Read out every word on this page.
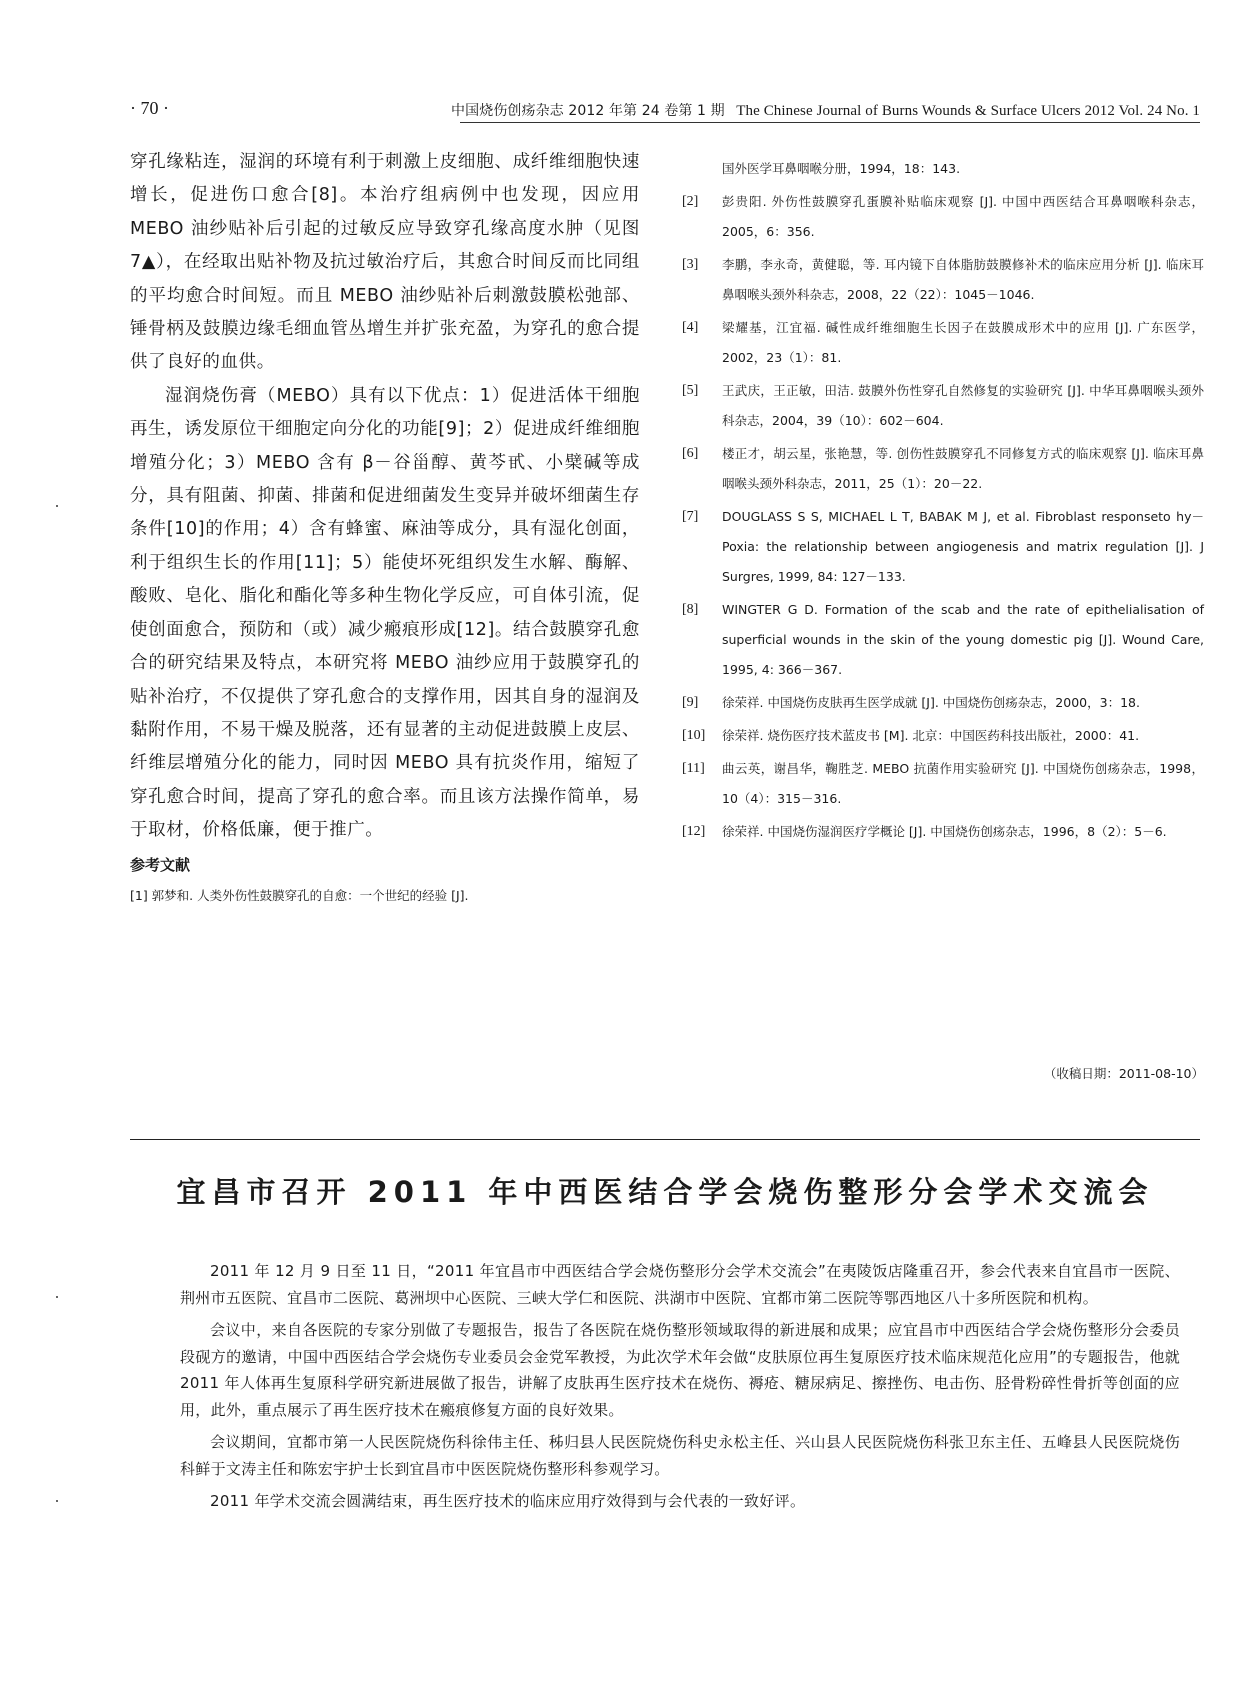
· 70 ·	中国烧伤创疡杂志 2012 年第 24 卷第 1 期 The Chinese Journal of Burns Wounds & Surface Ulcers 2012 Vol. 24 No. 1

穿孔缘粘连，湿润的环境有利于刺激上皮细胞、成纤维细胞快速增长，促进伤口愈合[8]。本治疗组病例中也发现，因应用 MEBO 油纱贴补后引起的过敏反应导致穿孔缘高度水肿（见图 7▲），在经取出贴补物及抗过敏治疗后，其愈合时间反而比同组的平均愈合时间短。而且 MEBO 油纱贴补后刺激鼓膜松弛部、锤骨柄及鼓膜边缘毛细血管丛增生并扩张充盈，为穿孔的愈合提供了良好的血供。

湿润烧伤膏（MEBO）具有以下优点：1）促进活体干细胞再生，诱发原位干细胞定向分化的功能[9]；2）促进成纤维细胞增殖分化；3）MEBO 含有 β－谷甾醇、黄芩甙、小檗碱等成分，具有阻菌、抑菌、排菌和促进细菌发生变异并破坏细菌生存条件[10]的作用；4）含有蜂蜜、麻油等成分，具有湿化创面，利于组织生长的作用[11]；5）能使坏死组织发生水解、酶解、酸败、皂化、脂化和酯化等多种生物化学反应，可自体引流，促使创面愈合，预防和（或）减少瘢痕形成[12]。结合鼓膜穿孔愈合的研究结果及特点，本研究将 MEBO 油纱应用于鼓膜穿孔的贴补治疗，不仅提供了穿孔愈合的支撑作用，因其自身的湿润及黏附作用，不易干燥及脱落，还有显著的主动促进鼓膜上皮层、纤维层增殖分化的能力，同时因 MEBO 具有抗炎作用，缩短了穿孔愈合时间，提高了穿孔的愈合率。而且该方法操作简单，易于取材，价格低廉，便于推广。

参考文献
[1] 郭梦和. 人类外伤性鼓膜穿孔的自愈：一个世纪的经验 [J].
国外医学耳鼻咽喉分册，1994，18：143.
[2]	彭贵阳. 外伤性鼓膜穿孔蛋膜补贴临床观察 [J]. 中国中西医结合耳鼻咽喉科杂志，2005，6：356.
[3]	李鹏，李永奇，黄健聪，等. 耳内镜下自体脂肪鼓膜修补术的临床应用分析 [J]. 临床耳鼻咽喉头颈外科杂志，2008，22（22）：1045－1046.
[4]	梁耀基，江宜福. 碱性成纤维细胞生长因子在鼓膜成形术中的应用 [J]. 广东医学，2002，23（1）：81.
[5]	王武庆，王正敏，田洁. 鼓膜外伤性穿孔自然修复的实验研究 [J]. 中华耳鼻咽喉头颈外科杂志，2004，39（10）：602－604.
[6]	楼正才，胡云星，张艳慧，等. 创伤性鼓膜穿孔不同修复方式的临床观察 [J]. 临床耳鼻咽喉头颈外科杂志，2011，25（1）：20－22.
[7]	DOUGLASS S S, MICHAEL L T, BABAK M J, et al. Fibroblast responseto hy－Poxia: the relationship between angiogenesis and matrix regulation [J]. J Surgres, 1999, 84: 127－133.
[8]	WINGTER G D. Formation of the scab and the rate of epithelialisation of superficial wounds in the skin of the young domestic pig [J]. Wound Care, 1995, 4: 366－367.
[9]	徐荣祥. 中国烧伤皮肤再生医学成就 [J]. 中国烧伤创疡杂志，2000，3：18.
[10]	徐荣祥. 烧伤医疗技术蓝皮书 [M]. 北京：中国医药科技出版社，2000：41.
[11]	曲云英，谢昌华，鞠胜芝. MEBO 抗菌作用实验研究 [J]. 中国烧伤创疡杂志，1998，10（4）：315－316.
[12]	徐荣祥. 中国烧伤湿润医疗学概论 [J]. 中国烧伤创疡杂志，1996，8（2）：5－6.
（收稿日期：2011-08-10）
宜昌市召开 2011 年中西医结合学会烧伤整形分会学术交流会

2011 年 12 月 9 日至 11 日，“2011 年宜昌市中西医结合学会烧伤整形分会学术交流会”在夷陵饭店隆重召开，参会代表来自宜昌市一医院、荆州市五医院、宜昌市二医院、葛洲坝中心医院、三峡大学仁和医院、洪湖市中医院、宜都市第二医院等鄂西地区八十多所医院和机构。

会议中，来自各医院的专家分别做了专题报告，报告了各医院在烧伤整形领域取得的新进展和成果；应宜昌市中西医结合学会烧伤整形分会委员段砚方的邀请，中国中西医结合学会烧伤专业委员会金党军教授，为此次学术年会做“皮肤原位再生复原医疗技术临床规范化应用”的专题报告，他就 2011 年人体再生复原科学研究新进展做了报告，讲解了皮肤再生医疗技术在烧伤、褥疮、糖尿病足、擦挫伤、电击伤、胫骨粉碎性骨折等创面的应用，此外，重点展示了再生医疗技术在瘢痕修复方面的良好效果。

会议期间，宜都市第一人民医院烧伤科徐伟主任、秭归县人民医院烧伤科史永松主任、兴山县人民医院烧伤科张卫东主任、五峰县人民医院烧伤科鲜于文涛主任和陈宏宇护士长到宜昌市中医医院烧伤整形科参观学习。

2011 年学术交流会圆满结束，再生医疗技术的临床应用疗效得到与会代表的一致好评。
